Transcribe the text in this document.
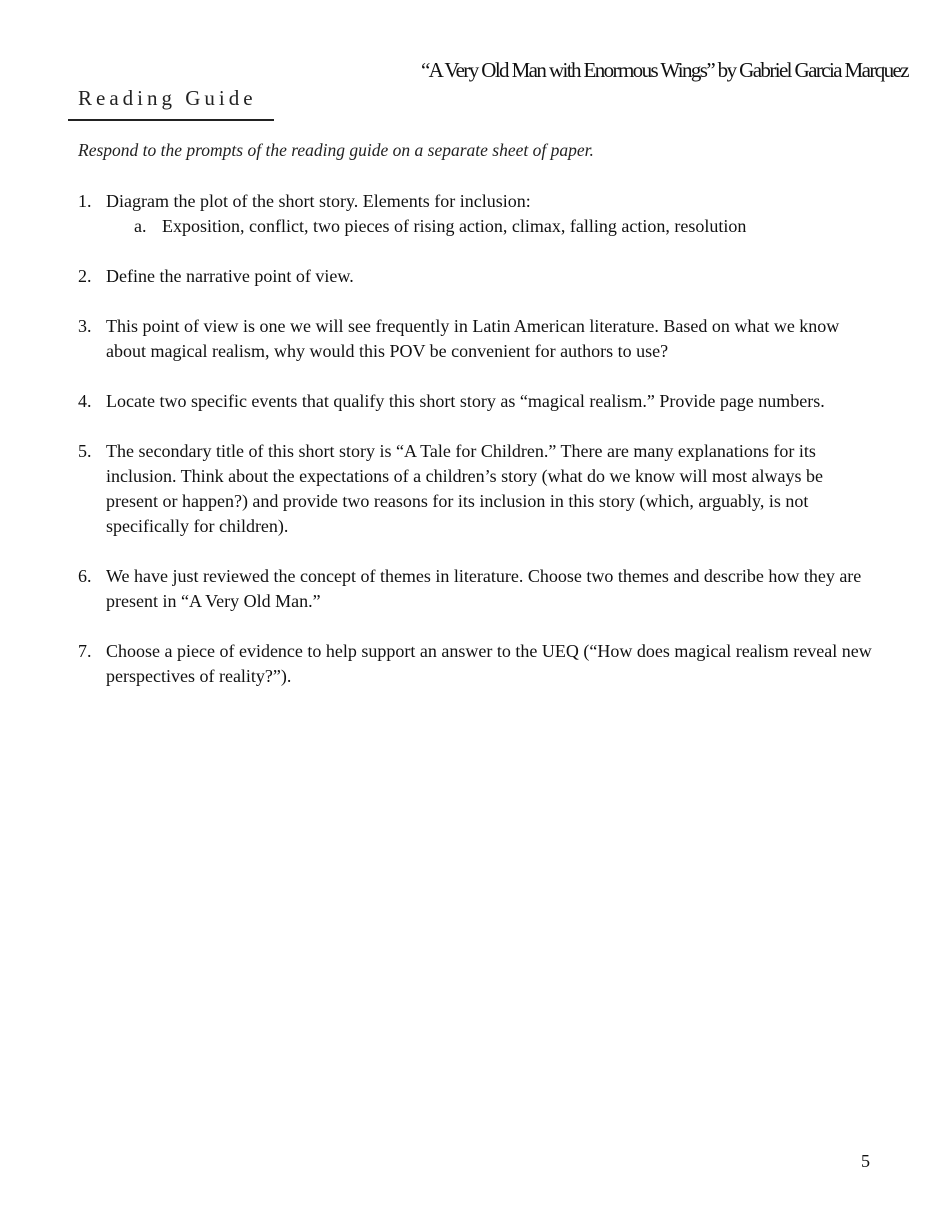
“A Very Old Man with Enormous Wings” by Gabriel Garcia Marquez
Reading Guide
Respond to the prompts of the reading guide on a separate sheet of paper.
1. Diagram the plot of the short story. Elements for inclusion:
a. Exposition, conflict, two pieces of rising action, climax, falling action, resolution
2. Define the narrative point of view.
3. This point of view is one we will see frequently in Latin American literature. Based on what we know about magical realism, why would this POV be convenient for authors to use?
4. Locate two specific events that qualify this short story as “magical realism.” Provide page numbers.
5. The secondary title of this short story is “A Tale for Children.” There are many explanations for its inclusion. Think about the expectations of a children’s story (what do we know will most always be present or happen?) and provide two reasons for its inclusion in this story (which, arguably, is not specifically for children).
6. We have just reviewed the concept of themes in literature. Choose two themes and describe how they are present in “A Very Old Man.”
7. Choose a piece of evidence to help support an answer to the UEQ (“How does magical realism reveal new perspectives of reality?”).
5
